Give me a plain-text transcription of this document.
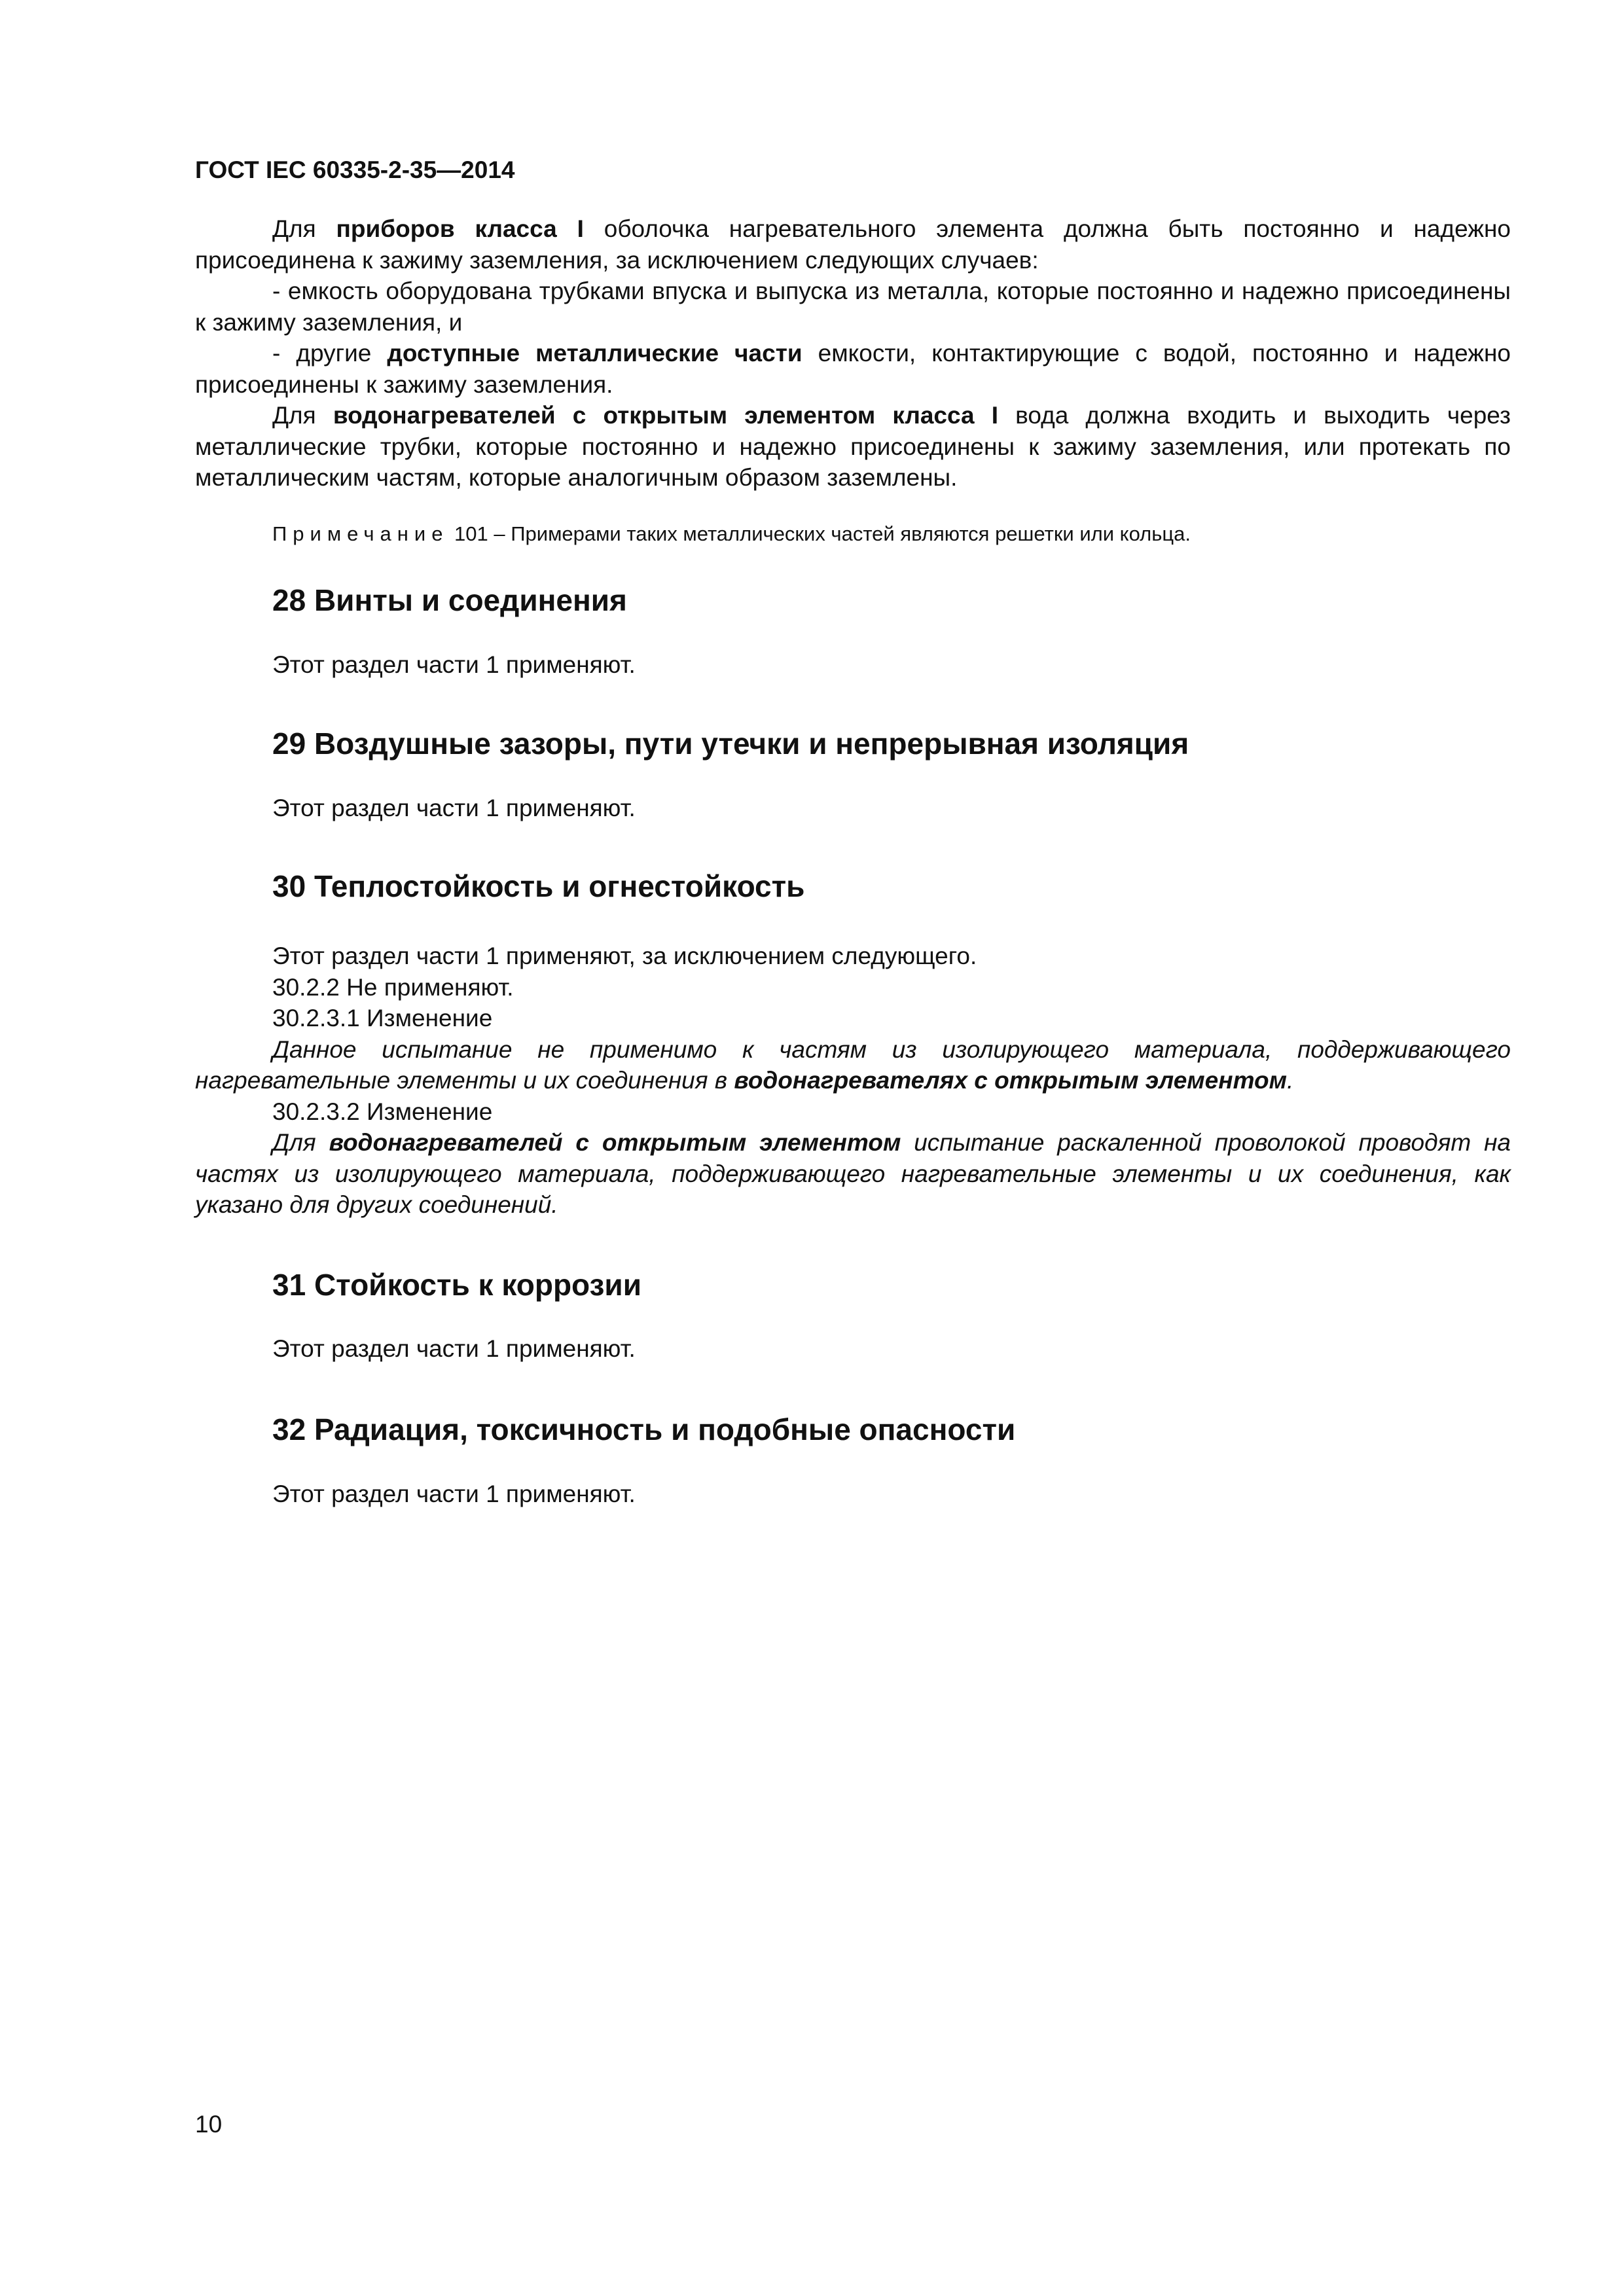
ГОСТ IEC 60335-2-35—2014

Для приборов класса I оболочка нагревательного элемента должна быть постоянно и надежно присоединена к зажиму заземления, за исключением следующих случаев:

- емкость оборудована трубками впуска и выпуска из металла, которые постоянно и надежно присоединены к зажиму заземления, и

- другие доступные металлические части емкости, контактирующие с водой, постоянно и надежно присоединены к зажиму заземления.

Для водонагревателей с открытым элементом класса I вода должна входить и выходить через металлические трубки, которые постоянно и надежно присоединены к зажиму заземления, или протекать по металлическим частям, которые аналогичным образом заземлены.

Примечание 101 – Примерами таких металлических частей являются решетки или кольца.

28 Винты и соединения

Этот раздел части 1 применяют.

29 Воздушные зазоры, пути утечки и непрерывная изоляция

Этот раздел части 1 применяют.

30 Теплостойкость и огнестойкость

Этот раздел части 1 применяют, за исключением следующего.

30.2.2 Не применяют.

30.2.3.1 Изменение

Данное испытание не применимо к частям из изолирующего материала, поддерживающего нагревательные элементы и их соединения в водонагревателях с открытым элементом.

30.2.3.2 Изменение

Для водонагревателей с открытым элементом испытание раскаленной проволокой проводят на частях из изолирующего материала, поддерживающего нагревательные элементы и их соединения, как указано для других соединений.

31 Стойкость к коррозии

Этот раздел части 1 применяют.

32 Радиация, токсичность и подобные опасности

Этот раздел части 1 применяют.

10
